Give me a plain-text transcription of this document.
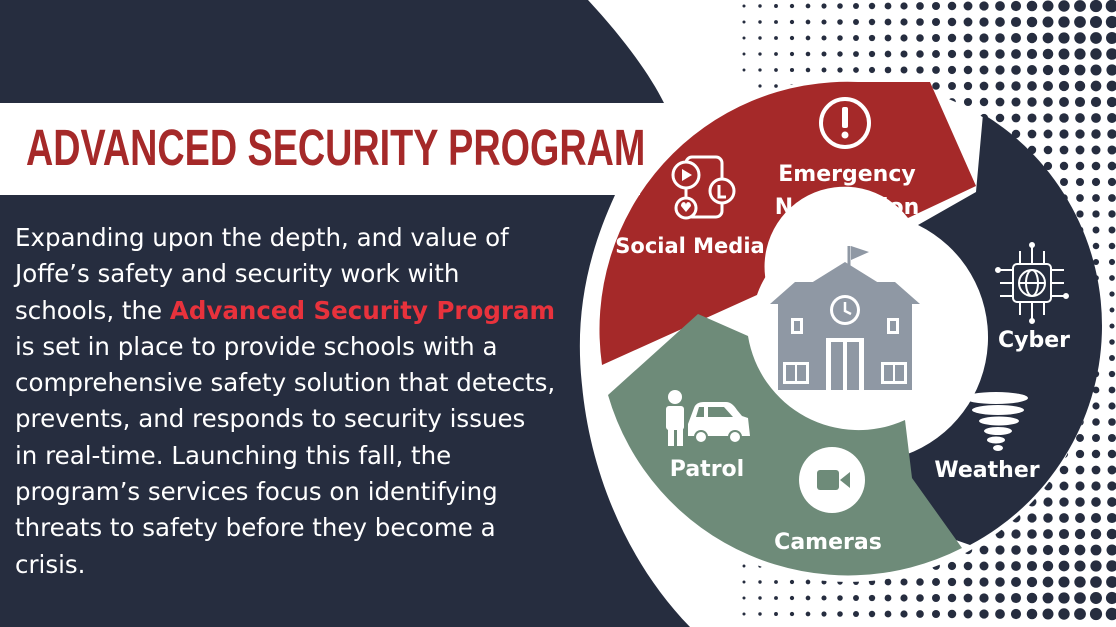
Emergency
Notification
Social Media
Cyber
Weather
Patrol
Cameras
ADVANCED SECURITY PROGRAM

Expanding upon the depth, and value of
Joffe’s safety and security work with
schools, the Advanced Security Program
is set in place to provide schools with a
comprehensive safety solution that detects,
prevents, and responds to security issues
in real-time. Launching this fall, the
program’s services focus on identifying
threats to safety before they become a
crisis.
